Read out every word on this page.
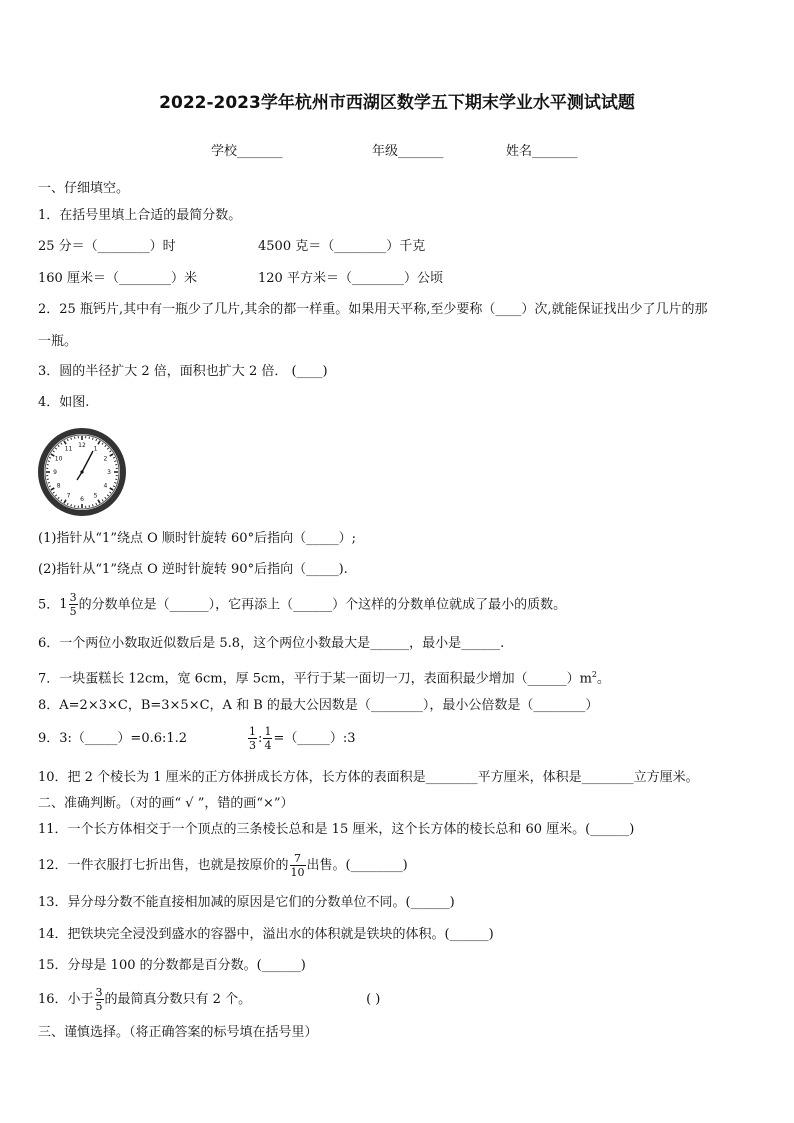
2022-2023学年杭州市西湖区数学五下期末学业水平测试试题
学校_______	年级_______	姓名_______
一、仔细填空。
1．在括号里填上合适的最简分数。
25 分＝（________）时	4500 克＝（________）千克
160 厘米＝（________）米	120 平方米＝（________）公顷
2．25 瓶钙片,其中有一瓶少了几片,其余的都一样重。如果用天平称,至少要称（____）次,就能保证找出少了几片的那
一瓶。
3．圆的半径扩大 2 倍，面积也扩大 2 倍． (____)
4．如图.
12
1
2
3
4
5
6
7
8
9
10
11
(1)指针从“1”绕点 O 顺时针旋转 60°后指向（_____）;
(2)指针从“1”绕点 O 逆时针旋转 90°后指向（_____).
5．$1 \frac{3}{5}$ 的分数单位是（______），它再添上（______）个这样的分数单位就成了最小的质数。
6．一个两位小数取近似数后是 5.8，这个两位小数最大是______，最小是______.
7．一块蛋糕长 12cm，宽 6cm，厚 5cm，平行于某一面切一刀，表面积最少增加$(\_\_\_\_\_\_)m^2$。
8．A=2×3×C，B=3×5×C，A 和 B 的最大公因数是（________），最小公倍数是（________）
9．3:（_____）=0.6:1.2	$\frac{1}{3}$ : $\frac{1}{4}$ =（_____）:3
10．把 2 个棱长为 1 厘米的正方体拼成长方体，长方体的表面积是________平方厘米，体积是________立方厘米。
二、准确判断。（对的画“ √ ”，错的画“×”）
11．一个长方体相交于一个顶点的三条棱长总和是 15 厘米，这个长方体的棱长总和 60 厘米。(______)
12．一件衣服打七折出售，也就是按原价的 $\frac{7}{10}$ 出售。(________)
13．异分母分数不能直接相加减的原因是它们的分数单位不同。(______)
14．把铁块完全浸没到盛水的容器中，溢出水的体积就是铁块的体积。(______)
15．分母是 100 的分数都是百分数。(______)
16．小于 $\frac{3}{5}$ 的最简真分数只有 2 个。	( )
三、谨慎选择。（将正确答案的标号填在括号里）
